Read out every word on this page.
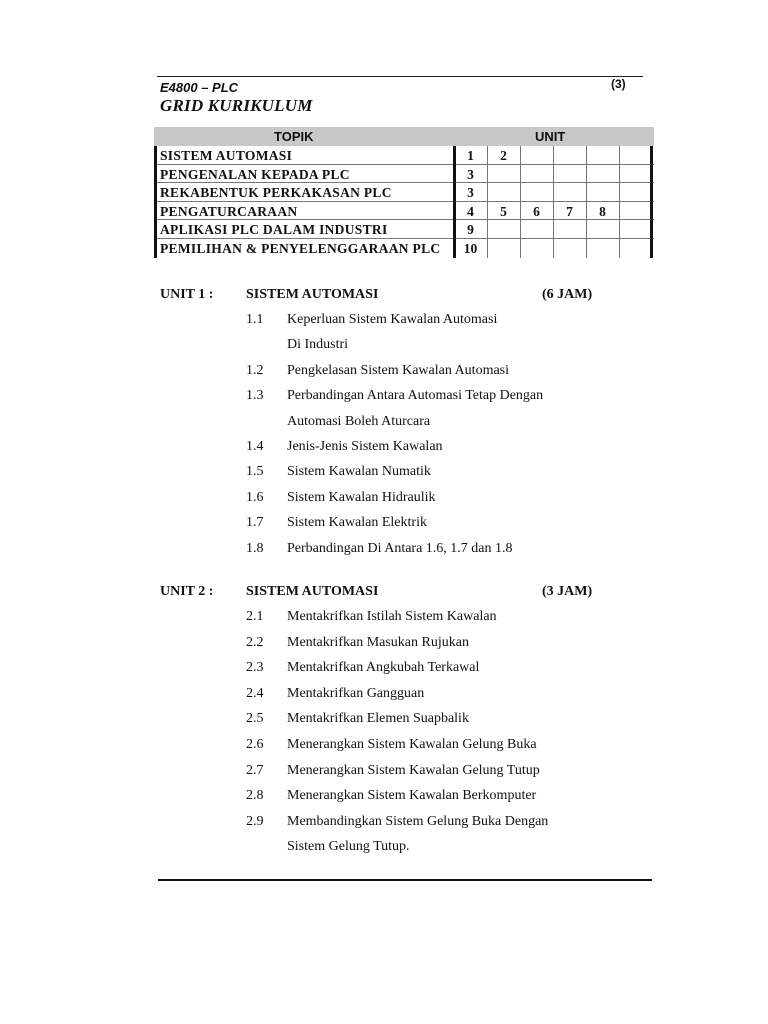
E4800 – PLC	(3)
GRID KURIKULUM
TOPIK	UNIT
SISTEM AUTOMASI	1	2
PENGENALAN KEPADA PLC	3
REKABENTUK PERKAKASAN PLC	3
PENGATURCARAAN	4	5	6	7	8
APLIKASI PLC DALAM INDUSTRI	9
PEMILIHAN & PENYELENGGARAAN PLC	10
UNIT 1 : SISTEM AUTOMASI	(6 JAM)
1.1 Keperluan Sistem Kawalan Automasi
Di Industri
1.2 Pengkelasan Sistem Kawalan Automasi
1.3 Perbandingan Antara Automasi Tetap Dengan
Automasi Boleh Aturcara
1.4 Jenis-Jenis Sistem Kawalan
1.5 Sistem Kawalan Numatik
1.6 Sistem Kawalan Hidraulik
1.7 Sistem Kawalan Elektrik
1.8 Perbandingan Di Antara 1.6, 1.7 dan 1.8
UNIT 2 : SISTEM AUTOMASI	(3 JAM)
2.1 Mentakrifkan Istilah Sistem Kawalan
2.2 Mentakrifkan Masukan Rujukan
2.3 Mentakrifkan Angkubah Terkawal
2.4 Mentakrifkan Gangguan
2.5 Mentakrifkan Elemen Suapbalik
2.6 Menerangkan Sistem Kawalan Gelung Buka
2.7 Menerangkan Sistem Kawalan Gelung Tutup
2.8 Menerangkan Sistem Kawalan Berkomputer
2.9 Membandingkan Sistem Gelung Buka Dengan
Sistem Gelung Tutup.
